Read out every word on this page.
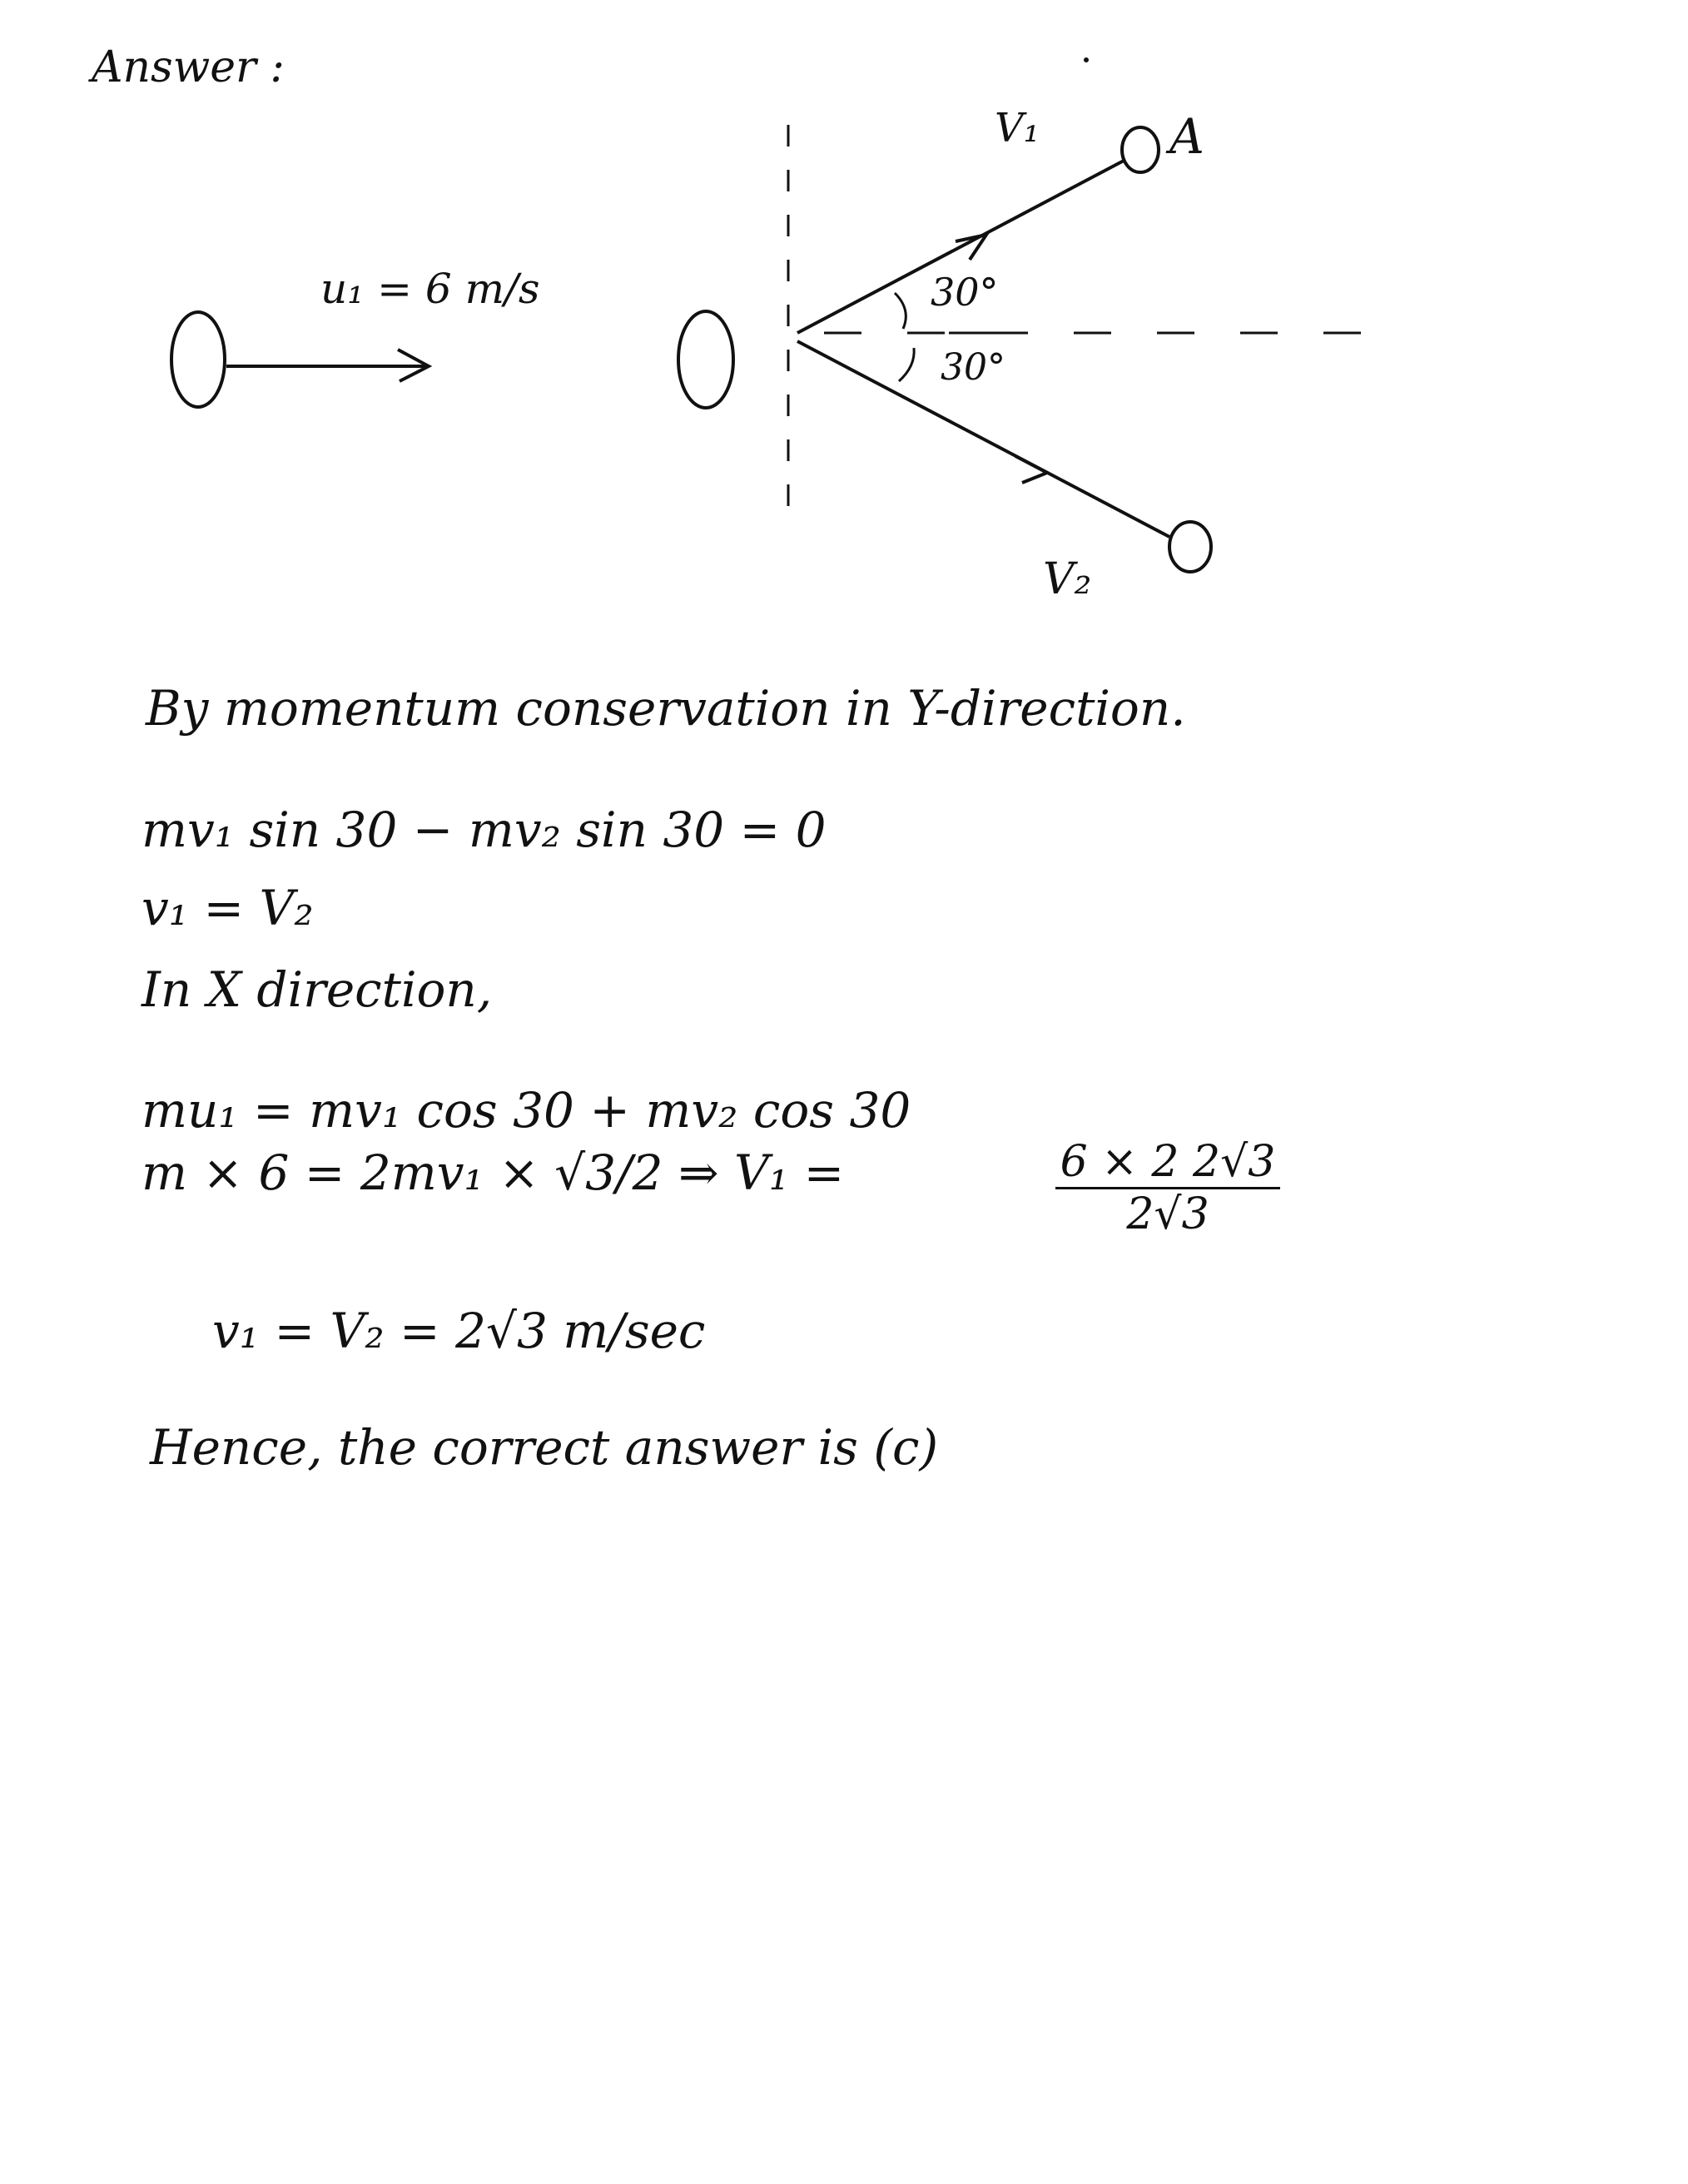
Answer :
V₁	A
u₁ = 6 m/s	30°
30°
V₂
By momentum conservation in Y-direction.
mv₁ sin 30 − mv₂ sin 30 = 0
v₁ = V₂
In X direction,
mu₁ = mv₁ cos 30 + mv₂ cos 30
m × 6 = 2mv₁ × √3/2 ⇒ V₁ =	6 × 2 2√3
2√3
v₁ = V₂ = 2√3 m/sec
Hence, the correct answer is (c)
